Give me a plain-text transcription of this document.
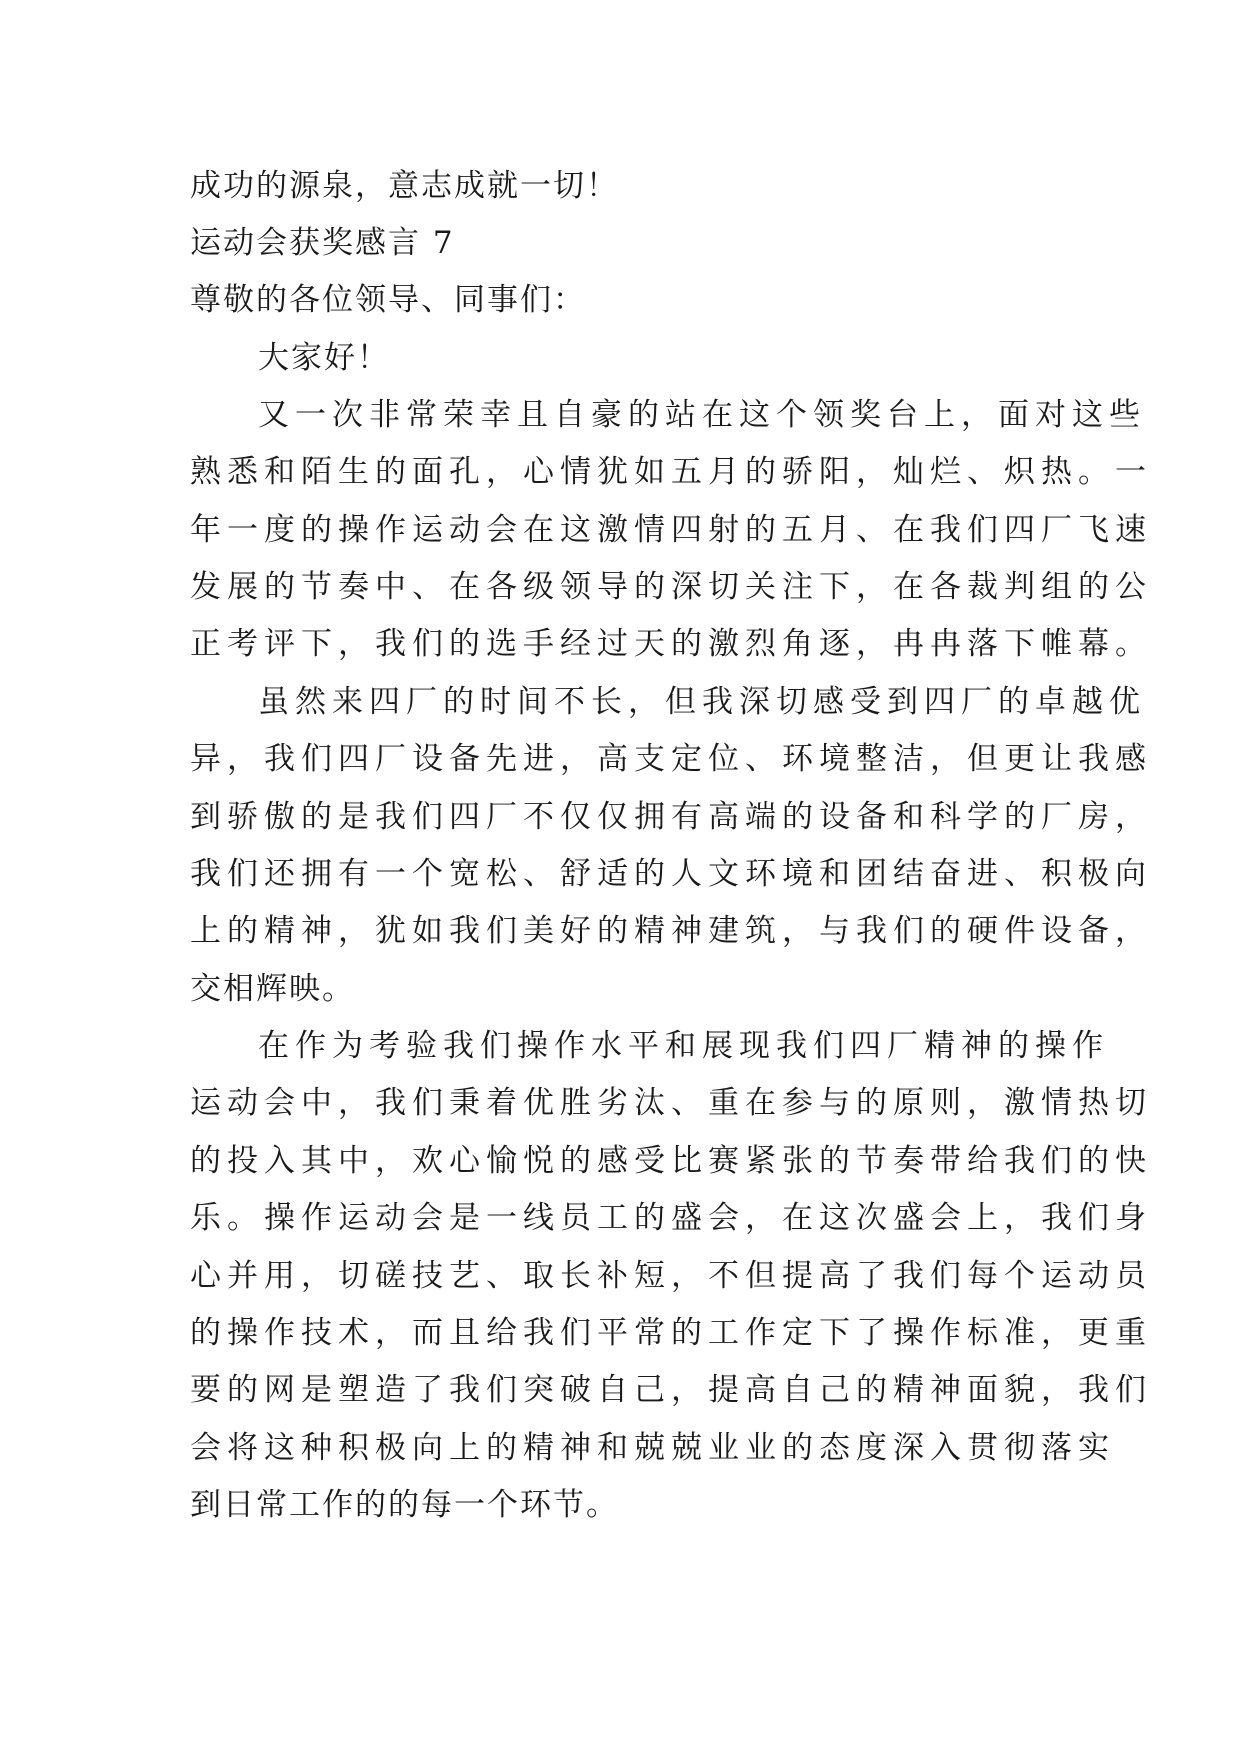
成功的源泉，意志成就一切！
运动会获奖感言 7
尊敬的各位领导、同事们：
大家好！
又一次非常荣幸且自豪的站在这个领奖台上，面对这些
熟悉和陌生的面孔，心情犹如五月的骄阳，灿烂、炽热。一
年一度的操作运动会在这激情四射的五月、在我们四厂飞速
发展的节奏中、在各级领导的深切关注下，在各裁判组的公
正考评下，我们的选手经过天的激烈角逐，冉冉落下帷幕。
虽然来四厂的时间不长，但我深切感受到四厂的卓越优
异，我们四厂设备先进，高支定位、环境整洁，但更让我感
到骄傲的是我们四厂不仅仅拥有高端的设备和科学的厂房，
我们还拥有一个宽松、舒适的人文环境和团结奋进、积极向
上的精神，犹如我们美好的精神建筑，与我们的硬件设备，
交相辉映。
在作为考验我们操作水平和展现我们四厂精神的操作
运动会中，我们秉着优胜劣汰、重在参与的原则，激情热切
的投入其中，欢心愉悦的感受比赛紧张的节奏带给我们的快
乐。操作运动会是一线员工的盛会，在这次盛会上，我们身
心并用，切磋技艺、取长补短，不但提高了我们每个运动员
的操作技术，而且给我们平常的工作定下了操作标准，更重
要的网是塑造了我们突破自己，提高自己的精神面貌，我们
会将这种积极向上的精神和兢兢业业的态度深入贯彻落实
到日常工作的的每一个环节。
